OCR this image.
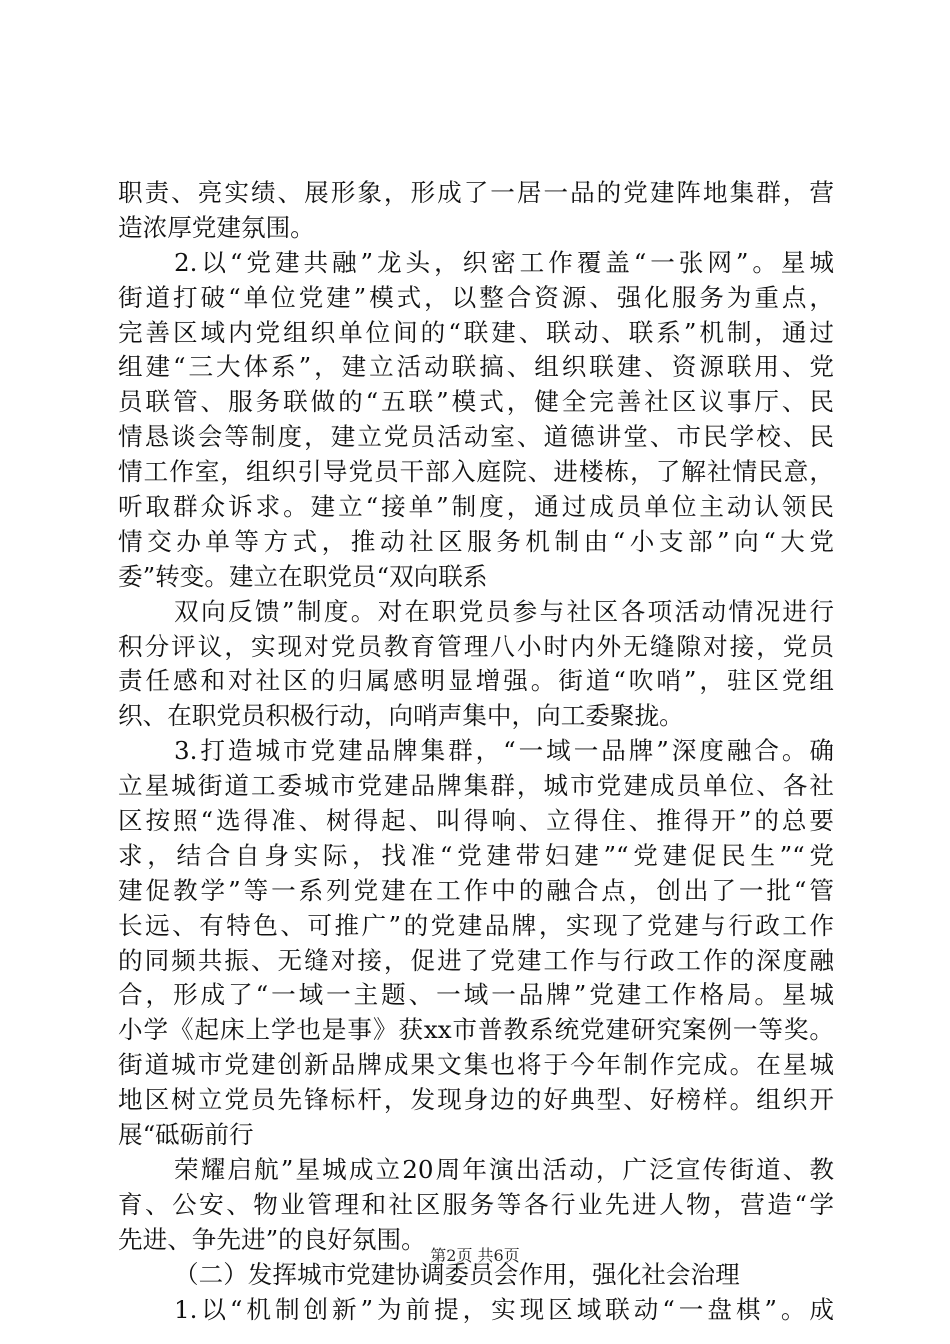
职责、亮实绩、展形象，形成了一居一品的党建阵地集群，营
造浓厚党建氛围。
2.以“党建共融”龙头，织密工作覆盖“一张网”。星城
街道打破“单位党建”模式，以整合资源、强化服务为重点，
完善区域内党组织单位间的“联建、联动、联系”机制，通过
组建“三大体系”，建立活动联搞、组织联建、资源联用、党
员联管、服务联做的“五联”模式，健全完善社区议事厅、民
情恳谈会等制度，建立党员活动室、道德讲堂、市民学校、民
情工作室，组织引导党员干部入庭院、进楼栋，了解社情民意，
听取群众诉求。建立“接单”制度，通过成员单位主动认领民
情交办单等方式，推动社区服务机制由“小支部”向“大党
委”转变。建立在职党员“双向联系
双向反馈”制度。对在职党员参与社区各项活动情况进行
积分评议，实现对党员教育管理八小时内外无缝隙对接，党员
责任感和对社区的归属感明显增强。街道“吹哨”，驻区党组
织、在职党员积极行动，向哨声集中，向工委聚拢。
3.打造城市党建品牌集群，“一域一品牌”深度融合。确
立星城街道工委城市党建品牌集群，城市党建成员单位、各社
区按照“选得准、树得起、叫得响、立得住、推得开”的总要
求，结合自身实际，找准“党建带妇建”“党建促民生”“党
建促教学”等一系列党建在工作中的融合点，创出了一批“管
长远、有特色、可推广”的党建品牌，实现了党建与行政工作
的同频共振、无缝对接，促进了党建工作与行政工作的深度融
合，形成了“一域一主题、一域一品牌”党建工作格局。星城
小学《起床上学也是事》获xx市普教系统党建研究案例一等奖。
街道城市党建创新品牌成果文集也将于今年制作完成。在星城
地区树立党员先锋标杆，发现身边的好典型、好榜样。组织开
展“砥砺前行
荣耀启航”星城成立20周年演出活动，广泛宣传街道、教
育、公安、物业管理和社区服务等各行业先进人物，营造“学
先进、争先进”的良好氛围。
（二）发挥城市党建协调委员会作用，强化社会治理
1.以“机制创新”为前提，实现区域联动“一盘棋”。成
第2页 共6页
